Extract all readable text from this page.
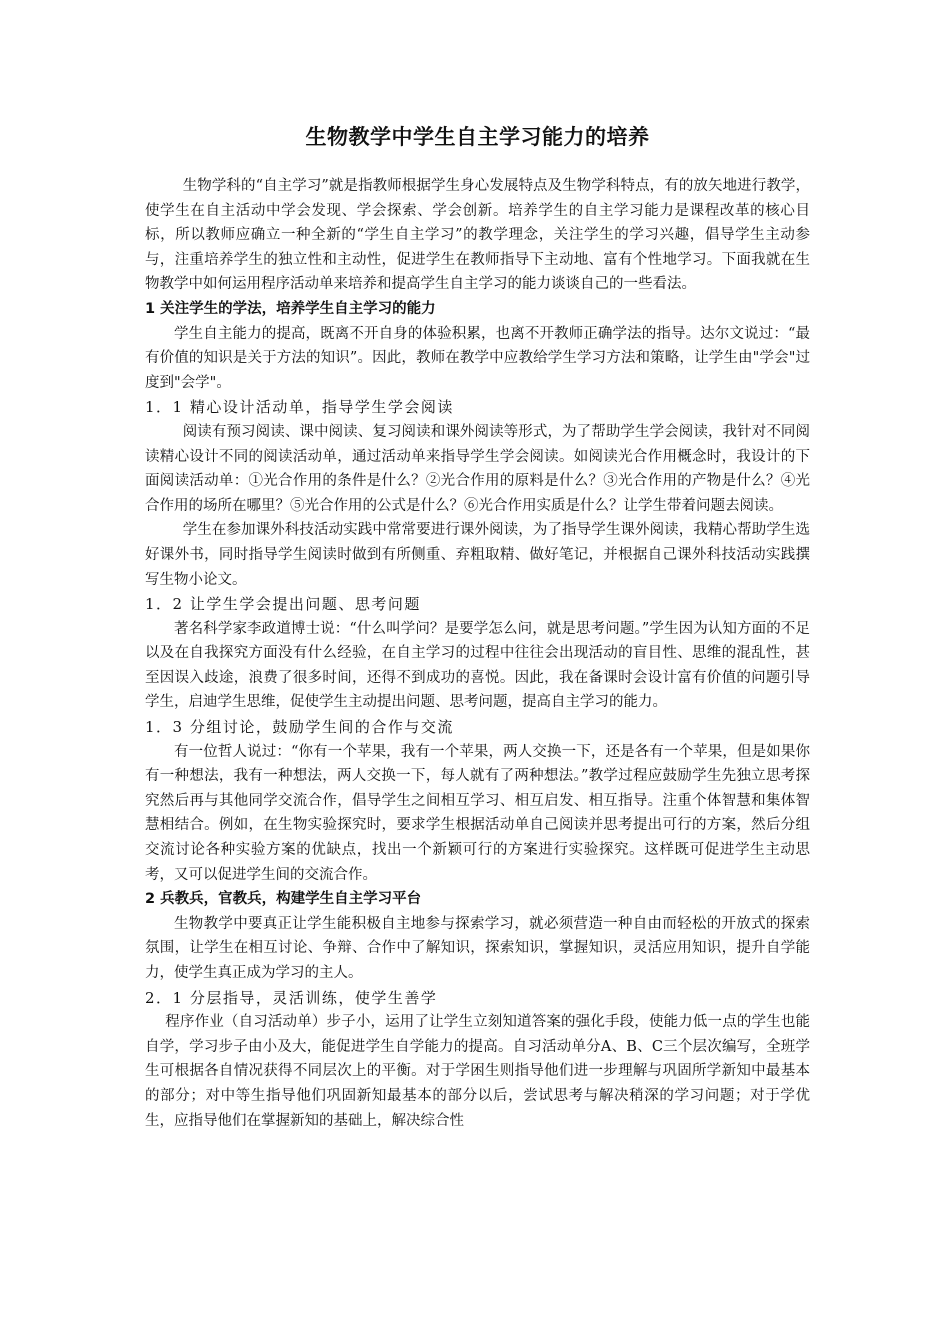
生物教学中学生自主学习能力的培养

生物学科的“自主学习”就是指教师根据学生身心发展特点及生物学科特点，有的放矢地进行教学，使学生在自主活动中学会发现、学会探索、学会创新。培养学生的自主学习能力是课程改革的核心目标，所以教师应确立一种全新的“学生自主学习”的教学理念，关注学生的学习兴趣，倡导学生主动参与，注重培养学生的独立性和主动性，促进学生在教师指导下主动地、富有个性地学习。下面我就在生物教学中如何运用程序活动单来培养和提高学生自主学习的能力谈谈自己的一些看法。

1 关注学生的学法，培养学生自主学习的能力

学生自主能力的提高，既离不开自身的体验积累，也离不开教师正确学法的指导。达尔文说过：“最有价值的知识是关于方法的知识”。因此，教师在教学中应教给学生学习方法和策略，让学生由"学会"过度到"会学"。

1．1 精心设计活动单，指导学生学会阅读

阅读有预习阅读、课中阅读、复习阅读和课外阅读等形式，为了帮助学生学会阅读，我针对不同阅读精心设计不同的阅读活动单，通过活动单来指导学生学会阅读。如阅读光合作用概念时，我设计的下面阅读活动单：①光合作用的条件是什么？②光合作用的原料是什么？③光合作用的产物是什么？④光合作用的场所在哪里？⑤光合作用的公式是什么？⑥光合作用实质是什么？让学生带着问题去阅读。

学生在参加课外科技活动实践中常常要进行课外阅读，为了指导学生课外阅读，我精心帮助学生选好课外书，同时指导学生阅读时做到有所侧重、弃粗取精、做好笔记，并根据自己课外科技活动实践撰写生物小论文。

1．2 让学生学会提出问题、思考问题

著名科学家李政道博士说：“什么叫学问？是要学怎么问，就是思考问题。”学生因为认知方面的不足以及在自我探究方面没有什么经验，在自主学习的过程中往往会出现活动的盲目性、思维的混乱性，甚至因误入歧途，浪费了很多时间，还得不到成功的喜悦。因此，我在备课时会设计富有价值的问题引导学生，启迪学生思维，促使学生主动提出问题、思考问题，提高自主学习的能力。

1．3 分组讨论，鼓励学生间的合作与交流

有一位哲人说过：“你有一个苹果，我有一个苹果，两人交换一下，还是各有一个苹果，但是如果你有一种想法，我有一种想法，两人交换一下，每人就有了两种想法。”教学过程应鼓励学生先独立思考探究然后再与其他同学交流合作，倡导学生之间相互学习、相互启发、相互指导。注重个体智慧和集体智慧相结合。例如，在生物实验探究时，要求学生根据活动单自己阅读并思考提出可行的方案，然后分组交流讨论各种实验方案的优缺点，找出一个新颖可行的方案进行实验探究。这样既可促进学生主动思考，又可以促进学生间的交流合作。

2 兵教兵，官教兵，构建学生自主学习平台

生物教学中要真正让学生能积极自主地参与探索学习，就必须营造一种自由而轻松的开放式的探索氛围，让学生在相互讨论、争辩、合作中了解知识，探索知识，掌握知识，灵活应用知识，提升自学能力，使学生真正成为学习的主人。

2．1 分层指导，灵活训练，使学生善学

程序作业（自习活动单）步子小，运用了让学生立刻知道答案的强化手段，使能力低一点的学生也能自学，学习步子由小及大，能促进学生自学能力的提高。自习活动单分A、B、C三个层次编写，全班学生可根据各自情况获得不同层次上的平衡。对于学困生则指导他们进一步理解与巩固所学新知中最基本的部分；对中等生指导他们巩固新知最基本的部分以后，尝试思考与解决稍深的学习问题；对于学优生，应指导他们在掌握新知的基础上，解决综合性
